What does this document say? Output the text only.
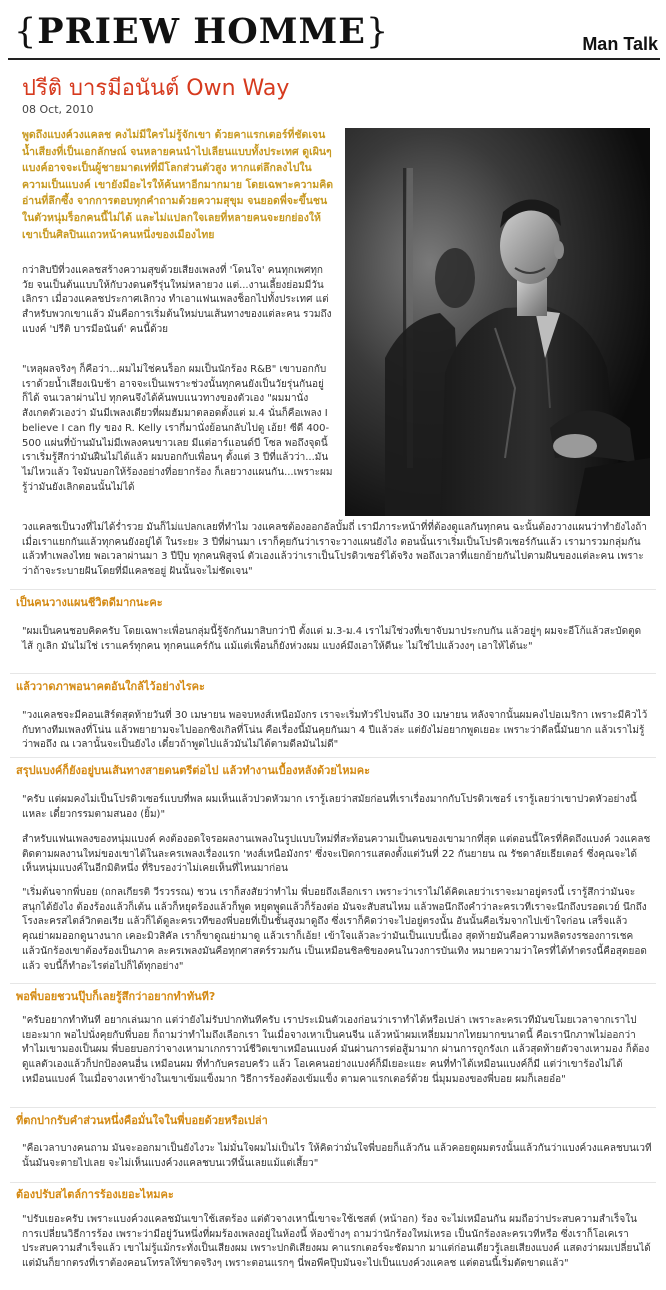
{PRIEW HOMME}	Man Talk
ปรีติ บารมีอนันต์ Own Way
08 Oct, 2010

พูดถึงแบงค์วงแคลช คงไม่มีใครไม่รู้จักเขา ด้วยคาแรกเตอร์ที่ชัดเจน น้ำเสียงที่เป็นเอกลักษณ์ จนหลายคนนำไปเลียนแบบทั้งประเทศ ดูเผินๆ แบงค์อาจจะเป็นผู้ชายมาดเท่ที่มีโลกส่วนตัวสูง หากแต่ลึกลงไปในความเป็นแบงค์ เขายังมีอะไรให้ค้นหาอีกมากมาย โดยเฉพาะความคิดอ่านที่ลึกซึ้ง จากการตอบทุกคำถามด้วยความสุขุม จนยอดพี่จะขึ้นชนในตัวหนุ่มร็อกคนนี้ไม่ได้ และไม่แปลกใจเลยที่หลายคนจะยกย่องให้เขาเป็นศิลปินแถวหน้าคนหนึ่งของเมืองไทย

กว่าสิบปีที่วงแคลชสร้างความสุขด้วยเสียงเพลงที่ 'โดนใจ' คนทุกเพศทุกวัย จนเป็นต้นแบบให้กับวงดนตรีรุ่นใหม่หลายวง แต่...งานเลี้ยงย่อมมีวันเลิกรา เมื่อวงแคลชประกาศเลิกวง ทำเอาแฟนเพลงช็อกไปทั้งประเทศ แต่สำหรับพวกเขาแล้ว มันคือการเริ่มต้นใหม่บนเส้นทางของแต่ละคน รวมถึงแบงค์ 'ปรีติ บารมีอนันต์' คนนี้ด้วย

"เหลุผลจริงๆ ก็คือว่า...ผมไม่ใช่คนร็อก ผมเป็นนักร้อง R&B" เขาบอกกับเราด้วยน้ำเสียงเนิบช้า อาจจะเป็นเพราะช่วงนั้นทุกคนยังเป็นวัยรุ่นกันอยู่ก็ได้ จนเวลาผ่านไป ทุกคนจึงได้ค้นพบแนวทางของตัวเอง "ผมมานั่งสังเกตตัวเองว่า มันมีเพลงเดียวที่ผมฮัมมาตลอดตั้งแต่ ม.4 นั่นก็คือเพลง I believe I can fly ของ R. Kelly เรากี่มานั่งย้อนกลับไปดู เอ้ย! ซีดี 400-500 แผ่นที่บ้านมันไม่มีเพลงคนขาวเลย มีแต่อาร์แอนด์บี โซล พอถึงจุดนี้เราเริ่มรู้สึกว่ามันฝืนไม่ได้แล้ว ผมบอกกับเพื่อนๆ ตั้งแต่ 3 ปีที่แล้วว่า...มันไม่ไหวแล้ว ใจมันบอกให้ร้องอย่างที่อยากร้อง ก็เลยวางแผนกัน...เพราะผมรู้ว่ามันยังเลิกตอนนั้นไม่ได้

วงแคลชเป็นวงที่ไม่ได้ร่ำรวย มันก็ไม่แปลกเลยที่ทำไม วงแคลชต้องออกอัลบั้มถี่ เรามีภาระหน้าที่ที่ต้องดูแลกันทุกคน ฉะนั้นต้องวางแผนว่าทำยังไงถ้าเมื่อเราแยกกันแล้วทุกคนยังอยู่ได้ ในระยะ 3 ปีที่ผ่านมา เราก็คุยกันว่าเราจะวางแผนยังไง ตอนนั้นเราเริ่มเป็นโปรดิวเซอร์กันแล้ว เรามารวมกลุ่มกันแล้วทำเพลงไทย พอเวลาผ่านมา 3 ปีปุ๊บ ทุกคนพิสูจน์ ตัวเองแล้วว่าเราเป็นโปรดิวเซอร์ได้จริง พอถึงเวลาที่แยกย้ายกันไปตามฝันของแต่ละคน เพราะว่าถ้าจะระบายฝันโดยที่มีแคลชอยู่ ฝันนั้นจะไม่ชัดเจน"

เป็นคนวางแผนชีวิตดีมากนะคะ

"ผมเป็นคนชอบคิดครับ โดยเฉพาะเพื่อนกลุ่มนี้รู้จักกันมาสิบกว่าปี ตั้งแต่ ม.3-ม.4 เราไม่ใช่วงที่เขาจับมาประกบกัน แล้วอยู่ๆ ผมจะอีโก้แล้วสะบัดตูดไส้ กูเลิก มันไม่ใช่ เราแคร์ทุกคน ทุกคนแคร์กัน แม้แต่เพื่อนก็ยังห่วงผม แบงค์มึงเอาให้ดีนะ ไม่ใช่ไปแล้วงงๆ เอาให้ได้นะ"

แล้ววาดภาพอนาคตอันใกล้ไว้อย่างไรคะ

"วงแคลชจะมีคอนเสิร์ตสุดท้ายวันที่ 30 เมษายน พอจบหงส์เหนือมังกร เราจะเริ่มทัวร์ไปจนถึง 30 เมษายน หลังจากนั้นผมคงไปอเมริกา เพราะมีคิวไว้กับทางทีมเพลงที่โน่น แล้วพยายามจะไปออกซิงเกิลที่โน่น คือเรื่องนี้มันคุยกันมา 4 ปีแล้วล่ะ แต่ยังไม่อยากพูดเยอะ เพราะว่าดีลนี้มันยาก แล้วเราไม่รู้ว่าพอถึง ณ เวลานั้นจะเป็นยังไง เดี๋ยวถ้าพูดไปแล้วมันไม่ได้ตามดีลมันไม่ดี"

สรุปแบงค์ก็ยังอยู่บนเส้นทางสายดนตรีต่อไป แล้วทำงานเบื้องหลังด้วยไหมคะ

"ครับ แต่ผมคงไม่เป็นโปรดิวเซอร์แบบที่พล ผมเห็นแล้วปวดหัวมาก เรารู้เลยว่าสมัยก่อนที่เราเรื่องมากกับโปรดิวเซอร์ เรารู้เลยว่าเขาปวดหัวอย่างนี้แหละ เดี๋ยวกรรมตามสนอง (ยิ้ม)"

สำหรับแฟนเพลงของหนุ่มแบงค์ คงต้องอดใจรอผลงานเพลงในรูปแบบใหม่ที่สะท้อนความเป็นตนของเขามากที่สุด แต่ตอนนี้ใครที่คิดถึงแบงค์ วงแคลช ติดตามผลงานใหม่ของเขาได้ในละครเพลงเรื่องแรก 'หงส์เหนือมังกร' ซึ่งจะเปิดการแสดงตั้งแต่วันที่ 22 กันยายน ณ รัชดาลัยเธียเตอร์ ซึ่งคุณจะได้เห็นหนุ่มแบงค์ในอีกมิติหนึ่ง ที่ริบรองว่าไม่เคยเห็นที่ไหนมาก่อน

"เริ่มต้นจากพี่บอย (ถกลเกียรติ วีรวรรณ) ชวน เราก็สงสัยว่าทำไม พี่บอยถึงเลือกเรา เพราะว่าเราไม่ได้คิดเลยว่าเราจะมาอยู่ตรงนี้ เรารู้สึกว่ามันจะสนุกได้ยังไง ต้องร้องแล้วก็เต้น แล้วก็หยุดร้องแล้วก็พูด หยุดพูดแล้วก็ร้องต่อ มันจะสับสนไหม แล้วพอนึกถึงคำว่าละครเวทีเราจะนึกถึงบรอดเวย์ นึกถึงโรงละครสไตล์วิกตอเรีย แล้วก็ได้ดูละครเวทีของพี่บอยที่เป็นชั้นสูงมาดูถึง ซึ่งเราก็คิดว่าจะไปอยู่ตรงนั้น อันนั้นคือเริ่มจากไปเข้าใจก่อน เสร็จแล้วคุณย่าผมออกดูนางนาก เคอะมิวสิคัล เราก็ขาดูณย่ามาดู แล้วเราก็เอ้ย! เข้าใจแล้วละว่ามันเป็นแบบนี้เอง สุดท้ายมันคือความหลิดรงรชองการเชค แล้วนักร้องเขาต้องร้องเป็นภาค ละครเพลงมันคือทุกศาสตร์รวมกัน เป็นเหมือนชิลซิของคนในวงการบันเทิง หมายความว่าใครที่ได้ทำตรงนี้คือสุดยอดแล้ว จบนี้ก็ทำอะไรต่อไปก็ได้ทุกอย่าง"

พอพี่บอยชวนปุ๊บก็เลยรู้สึกว่าอยากทำทันที?

"ครับอยากทำทันที อยากเล่นมาก แต่ว่ายังไม่รับปากทันทีครับ เราประเมินตัวเองก่อนว่าเราทำได้หรือเปล่า เพราะละครเวทีมันขโมยเวลาจากเราไปเยอะมาก พอไปนั่งคุยกับพี่บอย ก็ถามว่าทำไมถึงเลือกเรา ในเมื่อจางเหาเป็นคนจีน แล้วหน้าผมเหลี่ยมมากไทยมากขนาดนี้ คือเรานึกภาพไม่ออกว่าทำไมเขามองเป็นผม พี่บอยบอกว่าจางเหามาเกกราวน์ชีวิตเขาเหมือนแบงค์ มันผ่านการต่อสู้มามาก ผ่านการถูกรังเก แล้วสุดท้ายตัวจางเหามอง ก็ต้องดูแลตัวเองแล้วก็ปกป้องคนอื่น เหมือนผม ที่ทำกับครอบครัว แล้ว โอเคคนอย่างแบงค์ก็มีเยอะแยะ คนที่ทำได้เหมือนแบงค์ก็มี แต่ว่าเขาร้องไม่ได้เหมือนแบงค์ ในเมื่อจางเหาข้างในเขาเข้มแข็งมาก วิธีการร้องต้องเข้มแข็ง ตามคาแรกเตอร์ด้วย นี่มุมมองของพี่บอย ผมก็เลยอ๋อ"

ที่ตกปากรับคำส่วนหนึ่งคือมั่นใจในพี่บอยด้วยหรือเปล่า

"คือเวลาบางคนถาม มันจะออกมาเป็นยังไงวะ ไม่มั่นใจผมไม่เป็นไร ให้คิดว่ามั่นใจพี่บอยก็แล้วกัน แล้วคอยดูผมตรงนั้นแล้วกันว่าแบงค์วงแคลชบนเวทีนั้นมันจะตายไปเลย จะไม่เห็นแบงค์วงแคลชบนเวทีนั้นเลยแม้แต่เสี้ยว"

ต้องปรับสไตล์การร้องเยอะไหมคะ

"ปรับเยอะครับ เพราะแบงค์วงแคลชมันเขาใช้เสตร้อง แต่ตัวจางเหานี้เขาจะใช้เชสต์ (หน้าอก) ร้อง จะไม่เหมือนกัน ผมถือว่าประสบความสำเร็จในการเปลี่ยนวิธีการร้อง เพราะว่ามีอยู่วันหนึ่งที่ผมร้องเพลงอยู่ในห้องนี้ ห้องข้างๆ ถามว่านักร้องใหม่เหรอ เป็นนักร้องละครเวทีหรือ ซึ่งเราก็โอเคเราประสบความสำเร็จแล้ว เขาไม่รู้แม้กระทั่งเป็นเสียงผม เพราะปกติเสียงผม คาแรกเตอร์จะชัดมาก มาแต่ก่อนเดียวรู้เลยเสียงแบงค์ แสดงว่าผมเปลี่ยนได้ แต่มันก็ยากตรงที่เราต้องคอนโทรลให้ขาดจริงๆ เพราะตอนแรกๆ นี่พอพีคปุ๊บมันจะไปเป็นแบงค์วงแคลช แต่ตอนนี้เริ่มตัดขาดแล้ว"
